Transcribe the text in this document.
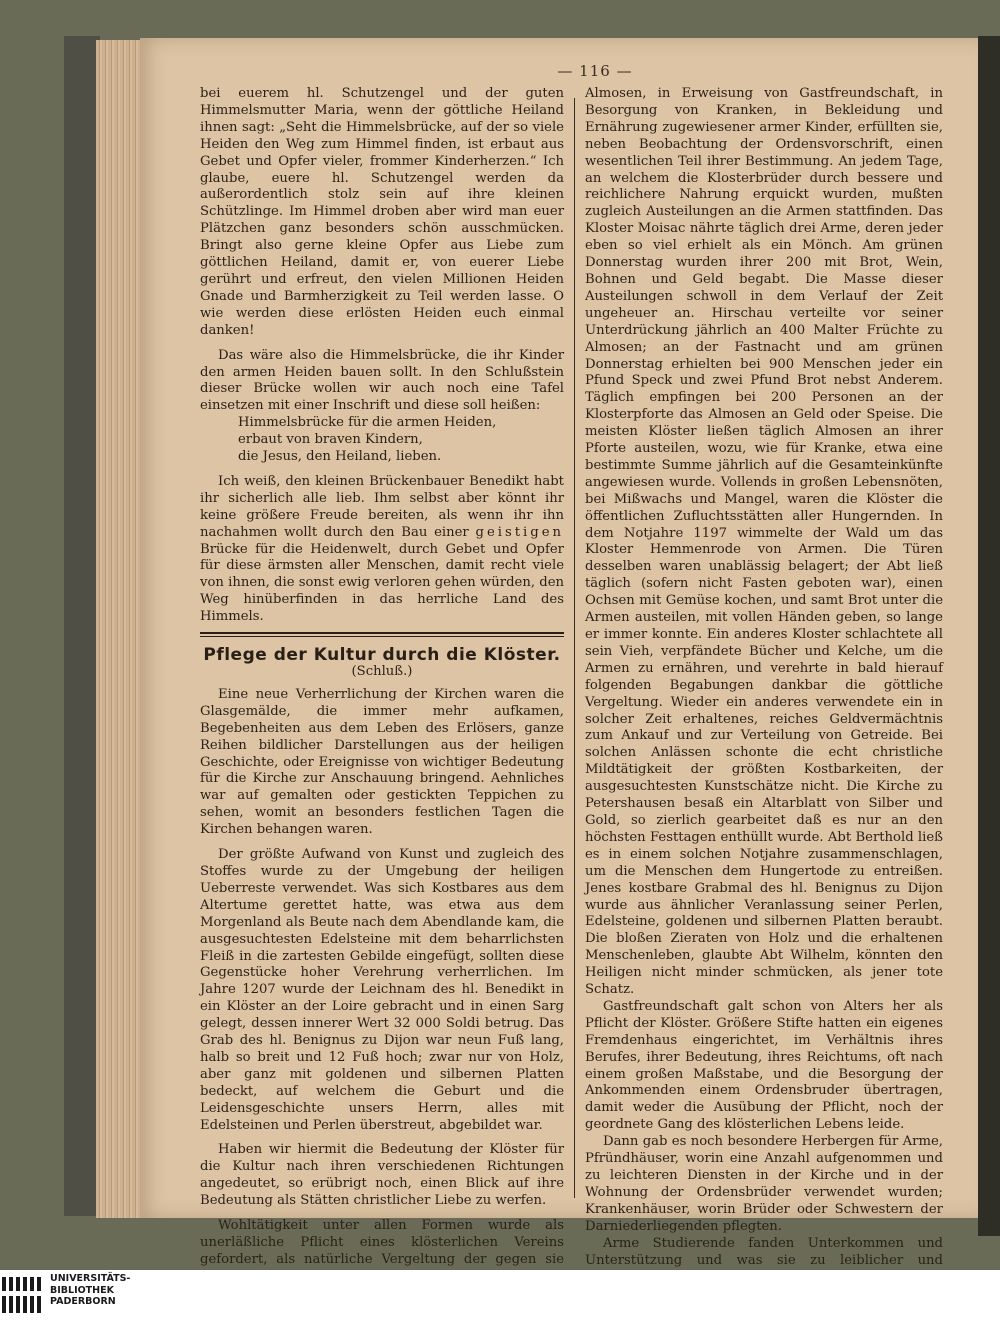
— 116 —

bei euerem hl. Schutzengel und der guten Himmelsmutter Maria, wenn der göttliche Heiland ihnen sagt: „Seht die Himmelsbrücke, auf der so viele Heiden den Weg zum Himmel finden, ist erbaut aus Gebet und Opfer vieler, frommer Kinderherzen.“ Ich glaube, euere hl. Schutzengel werden da außerordentlich stolz sein auf ihre kleinen Schützlinge. Im Himmel droben aber wird man euer Plätzchen ganz besonders schön ausschmücken. Bringt also gerne kleine Opfer aus Liebe zum göttlichen Heiland, damit er, von euerer Liebe gerührt und erfreut, den vielen Millionen Heiden Gnade und Barmherzigkeit zu Teil werden lasse. O wie werden diese erlösten Heiden euch einmal danken!

Das wäre also die Himmelsbrücke, die ihr Kinder den armen Heiden bauen sollt. In den Schlußstein dieser Brücke wollen wir auch noch eine Tafel einsetzen mit einer Inschrift und diese soll heißen:

Himmelsbrücke für die armen Heiden,
erbaut von braven Kindern,
die Jesus, den Heiland, lieben.

Ich weiß, den kleinen Brückenbauer Benedikt habt ihr sicherlich alle lieb. Ihm selbst aber könnt ihr keine größere Freude bereiten, als wenn ihr ihn nachahmen wollt durch den Bau einer geistigen Brücke für die Heidenwelt, durch Gebet und Opfer für diese ärmsten aller Menschen, damit recht viele von ihnen, die sonst ewig verloren gehen würden, den Weg hinüberfinden in das herrliche Land des Himmels.

Pflege der Kultur durch die Klöster.
(Schluß.)

Eine neue Verherrlichung der Kirchen waren die Glasgemälde, die immer mehr aufkamen, Begebenheiten aus dem Leben des Erlösers, ganze Reihen bildlicher Darstellungen aus der heiligen Geschichte, oder Ereignisse von wichtiger Bedeutung für die Kirche zur Anschauung bringend. Aehnliches war auf gemalten oder gestickten Teppichen zu sehen, womit an besonders festlichen Tagen die Kirchen behangen waren.

Der größte Aufwand von Kunst und zugleich des Stoffes wurde zu der Umgebung der heiligen Ueberreste verwendet. Was sich Kostbares aus dem Altertume gerettet hatte, was etwa aus dem Morgenland als Beute nach dem Abendlande kam, die ausgesuchtesten Edelsteine mit dem beharrlichsten Fleiß in die zartesten Gebilde eingefügt, sollten diese Gegenstücke hoher Verehrung verherrlichen. Im Jahre 1207 wurde der Leichnam des hl. Benedikt in ein Klöster an der Loire gebracht und in einen Sarg gelegt, dessen innerer Wert 32 000 Soldi betrug. Das Grab des hl. Benignus zu Dijon war neun Fuß lang, halb so breit und 12 Fuß hoch; zwar nur von Holz, aber ganz mit goldenen und silbernen Platten bedeckt, auf welchem die Geburt und die Leidensgeschichte unsers Herrn, alles mit Edelsteinen und Perlen überstreut, abgebildet war.

Haben wir hiermit die Bedeutung der Klöster für die Kultur nach ihren verschiedenen Richtungen angedeutet, so erübrigt noch, einen Blick auf ihre Bedeutung als Stätten christlicher Liebe zu werfen.

Wohltätigkeit unter allen Formen wurde als unerläßliche Pflicht eines klösterlichen Vereins gefordert, als natürliche Vergeltung der gegen sie

Almosen, in Erweisung von Gastfreundschaft, in Besorgung von Kranken, in Bekleidung und Ernährung zugewiesener armer Kinder, erfüllten sie, neben Beobachtung der Ordensvorschrift, einen wesentlichen Teil ihrer Bestimmung. An jedem Tage, an welchem die Klosterbrüder durch bessere und reichlichere Nahrung erquickt wurden, mußten zugleich Austeilungen an die Armen stattfinden. Das Kloster Moisac nährte täglich drei Arme, deren jeder eben so viel erhielt als ein Mönch. Am grünen Donnerstag wurden ihrer 200 mit Brot, Wein, Bohnen und Geld begabt. Die Masse dieser Austeilungen schwoll in dem Verlauf der Zeit ungeheuer an. Hirschau verteilte vor seiner Unterdrückung jährlich an 400 Malter Früchte zu Almosen; an der Fastnacht und am grünen Donnerstag erhielten bei 900 Menschen jeder ein Pfund Speck und zwei Pfund Brot nebst Anderem. Täglich empfingen bei 200 Personen an der Klosterpforte das Almosen an Geld oder Speise. Die meisten Klöster ließen täglich Almosen an ihrer Pforte austeilen, wozu, wie für Kranke, etwa eine bestimmte Summe jährlich auf die Gesamteinkünfte angewiesen wurde. Vollends in großen Lebensnöten, bei Mißwachs und Mangel, waren die Klöster die öffentlichen Zufluchtsstätten aller Hungernden. In dem Notjahre 1197 wimmelte der Wald um das Kloster Hemmenrode von Armen. Die Türen desselben waren unablässig belagert; der Abt ließ täglich (sofern nicht Fasten geboten war), einen Ochsen mit Gemüse kochen, und samt Brot unter die Armen austeilen, mit vollen Händen geben, so lange er immer konnte. Ein anderes Kloster schlachtete all sein Vieh, verpfändete Bücher und Kelche, um die Armen zu ernähren, und verehrte in bald hierauf folgenden Begabungen dankbar die göttliche Vergeltung. Wieder ein anderes verwendete ein in solcher Zeit erhaltenes, reiches Geldvermächtnis zum Ankauf und zur Verteilung von Getreide. Bei solchen Anlässen schonte die echt christliche Mildtätigkeit der größten Kostbarkeiten, der ausgesuchtesten Kunstschätze nicht. Die Kirche zu Petershausen besaß ein Altarblatt von Silber und Gold, so zierlich gearbeitet daß es nur an den höchsten Festtagen enthüllt wurde. Abt Berthold ließ es in einem solchen Notjahre zusammenschlagen, um die Menschen dem Hungertode zu entreißen. Jenes kostbare Grabmal des hl. Benignus zu Dijon wurde aus ähnlicher Veranlassung seiner Perlen, Edelsteine, goldenen und silbernen Platten beraubt. Die bloßen Zieraten von Holz und die erhaltenen Menschenleben, glaubte Abt Wilhelm, könnten den Heiligen nicht minder schmücken, als jener tote Schatz.

Gastfreundschaft galt schon von Alters her als Pflicht der Klöster. Größere Stifte hatten ein eigenes Fremdenhaus eingerichtet, im Verhältnis ihres Berufes, ihrer Bedeutung, ihres Reichtums, oft nach einem großen Maßstabe, und die Besorgung der Ankommenden einem Ordensbruder übertragen, damit weder die Ausübung der Pflicht, noch der geordnete Gang des klösterlichen Lebens leide.

Dann gab es noch besondere Herbergen für Arme, Pfründhäuser, worin eine Anzahl aufgenommen und zu leichteren Diensten in der Kirche und in der Wohnung der Ordensbrüder verwendet wurden; Krankenhäuser, worin Brüder oder Schwestern der Darniederliegenden pflegten.

Arme Studierende fanden Unterkommen und Unterstützung und was sie zu leiblicher und

UNIVERSITÄTS-
BIBLIOTHEK
PADERBORN
